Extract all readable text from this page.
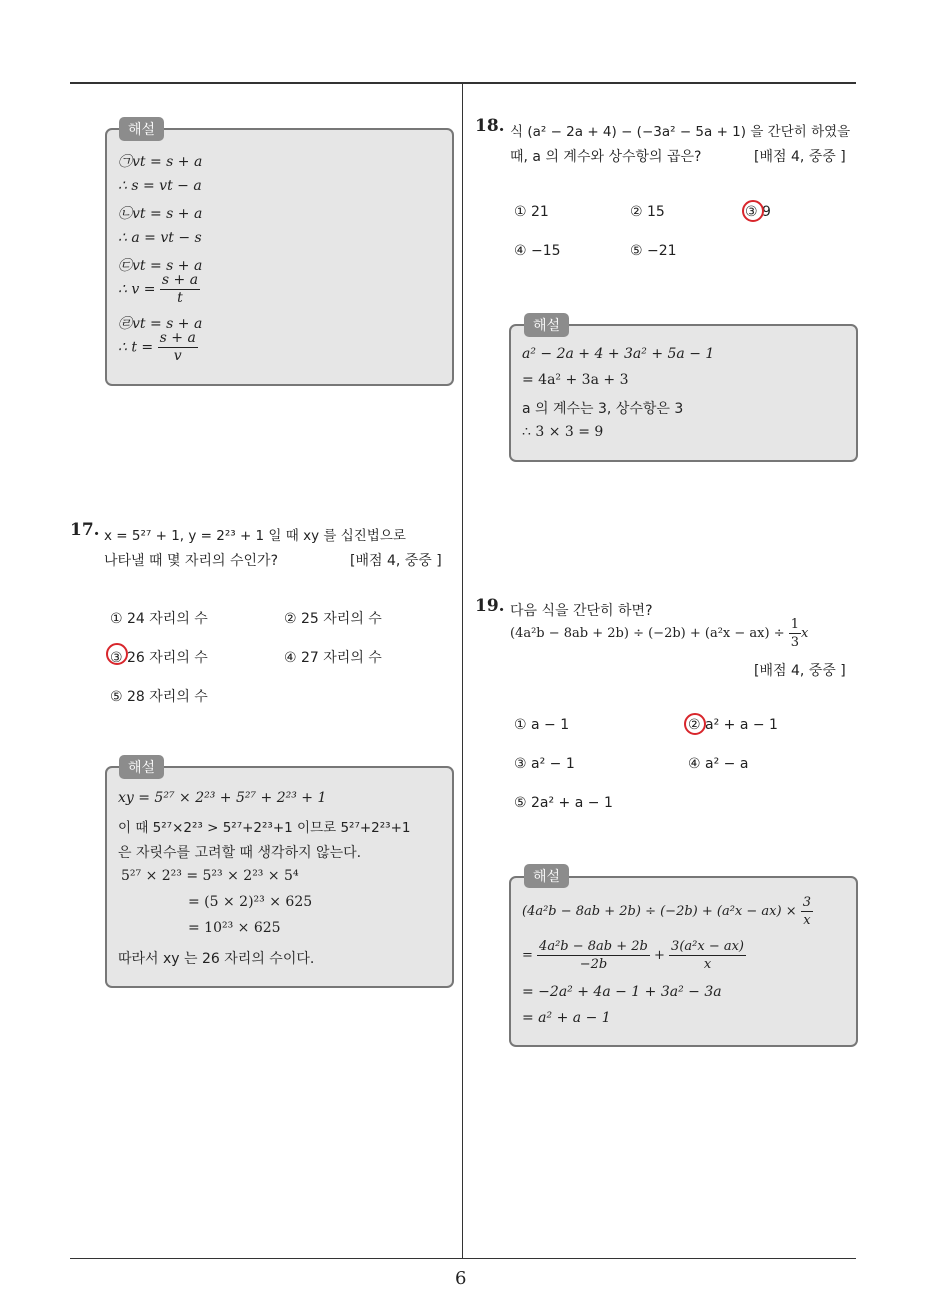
6
해설
㉠vt = s + a
∴ s = vt − a
㉡vt = s + a
∴ a = vt − s
㉢vt = s + a
∴ $v = \frac{s + a}{t}$
㉣vt = s + a
∴ $t = \frac{s + a}{v}$
17. x = 5²⁷ + 1, y = 2²³ + 1 일 때 xy 를 십진법으로
나타낼 때 몇 자리의 수인가?	[배점 4, 중중 ]
① 24 자리의 수	② 25 자리의 수
③ 26 자리의 수	④ 27 자리의 수
⑤ 28 자리의 수
해설
xy = 5²⁷ × 2²³ + 5²⁷ + 2²³ + 1
이 때 5²⁷×2²³ > 5²⁷+2²³+1 이므로 5²⁷+2²³+1
은 자릿수를 고려할 때 생각하지 않는다.
5²⁷ × 2²³ = 5²³ × 2²³ × 5⁴
= (5 × 2)²³ × 625
= 10²³ × 625
따라서 xy 는 26 자리의 수이다.
18. 식 (a² − 2a + 4) − (−3a² − 5a + 1) 을 간단히 하였을
때, a 의 계수와 상수항의 곱은?	[배점 4, 중중 ]
① 21	② 15	③ 9
④ −15	⑤ −21
해설
a² − 2a + 4 + 3a² + 5a − 1
= 4a² + 3a + 3
a 의 계수는 3, 상수항은 3
∴ 3 × 3 = 9
19. 다음 식을 간단히 하면?
$(4a^2b - 8ab + 2b) \div (-2b) + (a^2x - ax) \div \frac{1}{3}$ x
[배점 4, 중중 ]
① a − 1	② a² + a − 1
③ a² − 1	④ a² − a
⑤ 2a² + a − 1
해설
$(4a^2b - 8ab + 2b) \div (-2b) + (a^2x - ax) \times \frac{3}{x}$
= $\frac{\text{4a²b − 8ab + 2b}}{-2b} + \frac{\text{3(a²x − ax)}}{x}$
= −2a² + 4a − 1 + 3a² − 3a
= a² + a − 1
